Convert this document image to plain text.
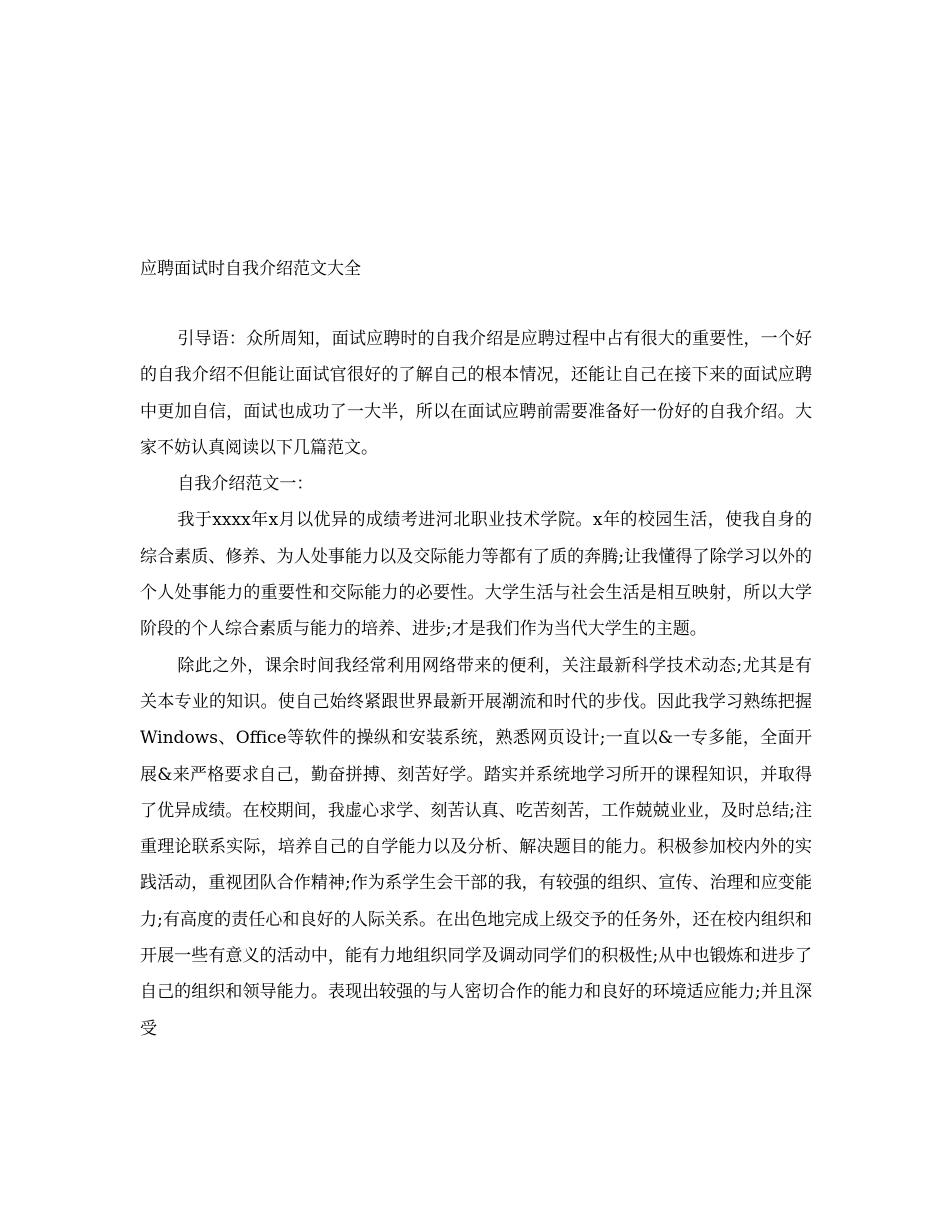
应聘面试时自我介绍范文大全

引导语：众所周知，面试应聘时的自我介绍是应聘过程中占有很大的重要性，一个好的自我介绍不但能让面试官很好的了解自己的根本情况，还能让自己在接下来的面试应聘中更加自信，面试也成功了一大半，所以在面试应聘前需要准备好一份好的自我介绍。大家不妨认真阅读以下几篇范文。

自我介绍范文一：

我于xxxx年x月以优异的成绩考进河北职业技术学院。x年的校园生活，使我自身的综合素质、修养、为人处事能力以及交际能力等都有了质的奔腾;让我懂得了除学习以外的个人处事能力的重要性和交际能力的必要性。大学生活与社会生活是相互映射，所以大学阶段的个人综合素质与能力的培养、进步;才是我们作为当代大学生的主题。

除此之外，课余时间我经常利用网络带来的便利，关注最新科学技术动态;尤其是有关本专业的知识。使自己始终紧跟世界最新开展潮流和时代的步伐。因此我学习熟练把握Windows、Office等软件的操纵和安装系统，熟悉网页设计;一直以&一专多能，全面开展&来严格要求自己，勤奋拼搏、刻苦好学。踏实并系统地学习所开的课程知识，并取得了优异成绩。在校期间，我虚心求学、刻苦认真、吃苦刻苦，工作兢兢业业，及时总结;注重理论联系实际，培养自己的自学能力以及分析、解决题目的能力。积极参加校内外的实践活动，重视团队合作精神;作为系学生会干部的我，有较强的组织、宣传、治理和应变能力;有高度的责任心和良好的人际关系。在出色地完成上级交予的任务外，还在校内组织和开展一些有意义的活动中，能有力地组织同学及调动同学们的积极性;从中也锻炼和进步了自己的组织和领导能力。表现出较强的与人密切合作的能力和良好的环境适应能力;并且深受
